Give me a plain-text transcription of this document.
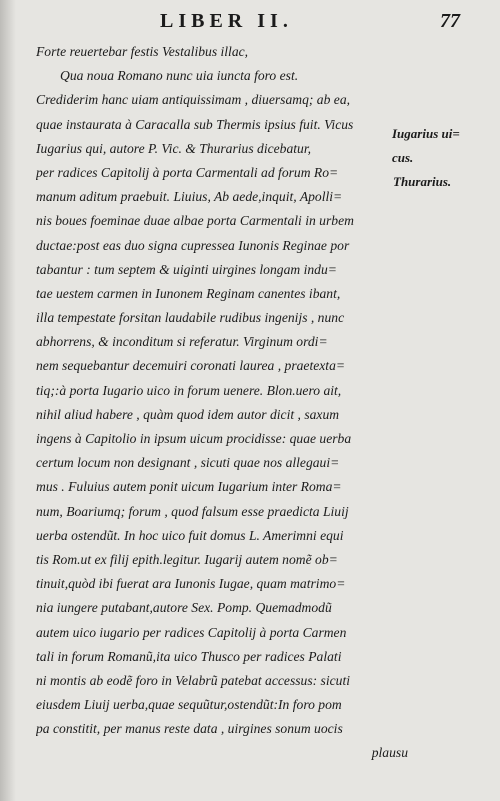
LIBER II.	77
Forte reuertebar festis Vestalibus illac,
Qua noua Romano nunc uia iuncta foro est.
Crediderim hanc uiam antiquissimam , diuersamq; ab ea,
quae instaurata à Caracalla sub Thermis ipsius fuit. Vicus
Iugarius qui, autore P. Vic. & Thurarius dicebatur,
per radices Capitolij à porta Carmentali ad forum Ro=
manum aditum praebuit. Liuius, Ab aede,inquit, Apolli=
nis boues foeminae duae albae porta Carmentali in urbem
ductae:post eas duo signa cupressea Iunonis Reginae por
tabantur : tum septem & uiginti uirgines longam indu=
tae uestem carmen in Iunonem Reginam canentes ibant,
illa tempestate forsitan laudabile rudibus ingenijs , nunc
abhorrens, & inconditum si referatur. Virginum ordi=
nem sequebantur decemuiri coronati laurea , praetexta=
tiq;:à porta Iugario uico in forum uenere. Blon.uero ait,
nihil aliud habere , quàm quod idem autor dicit , saxum
ingens à Capitolio in ipsum uicum procidisse: quae uerba
certum locum non designant , sicuti quae nos allegaui=
mus . Fuluius autem ponit uicum Iugarium inter Roma=
num, Boariumq; forum , quod falsum esse praedicta Liuij
uerba ostendũt. In hoc uico fuit domus L. Amerimni equi
tis Rom.ut ex filij epith.legitur. Iugarij autem nomẽ ob=
tinuit,quòd ibi fuerat ara Iunonis Iugae, quam matrimo=
nia iungere putabant,autore Sex. Pomp. Quemadmodũ
autem uico iugario per radices Capitolij à porta Carmen
tali in forum Romanũ,ita uico Thusco per radices Palati
ni montis ab eodẽ foro in Velabrũ patebat accessus: sicuti
eiusdem Liuij uerba,quae sequũtur,ostendũt:In foro pom
pa constitit, per manus reste data , uirgines sonum uocis
plausu
Iugarius ui=
cus.
Thurarius.
